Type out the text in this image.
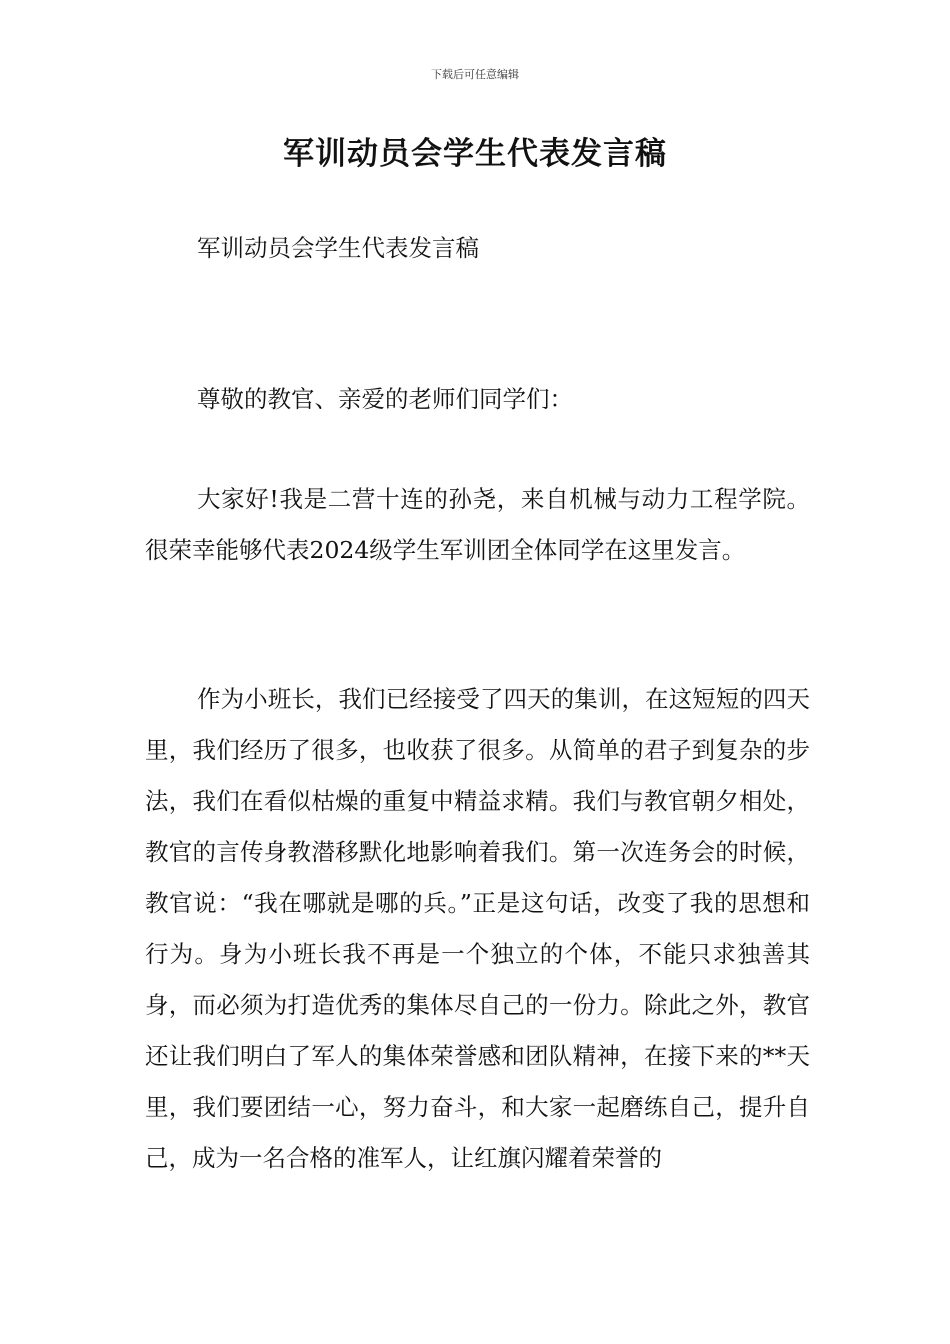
下载后可任意编辑
军训动员会学生代表发言稿

军训动员会学生代表发言稿

尊敬的教官、亲爱的老师们同学们：

大家好!我是二营十连的孙尧，来自机械与动力工程学院。很荣幸能够代表2024级学生军训团全体同学在这里发言。

作为小班长，我们已经接受了四天的集训，在这短短的四天里，我们经历了很多，也收获了很多。从简单的君子到复杂的步法，我们在看似枯燥的重复中精益求精。我们与教官朝夕相处，教官的言传身教潜移默化地影响着我们。第一次连务会的时候，教官说：“我在哪就是哪的兵。”正是这句话，改变了我的思想和行为。身为小班长我不再是一个独立的个体，不能只求独善其身，而必须为打造优秀的集体尽自己的一份力。除此之外，教官还让我们明白了军人的集体荣誉感和团队精神，在接下来的**天里，我们要团结一心，努力奋斗，和大家一起磨练自己，提升自己，成为一名合格的准军人，让红旗闪耀着荣誉的
